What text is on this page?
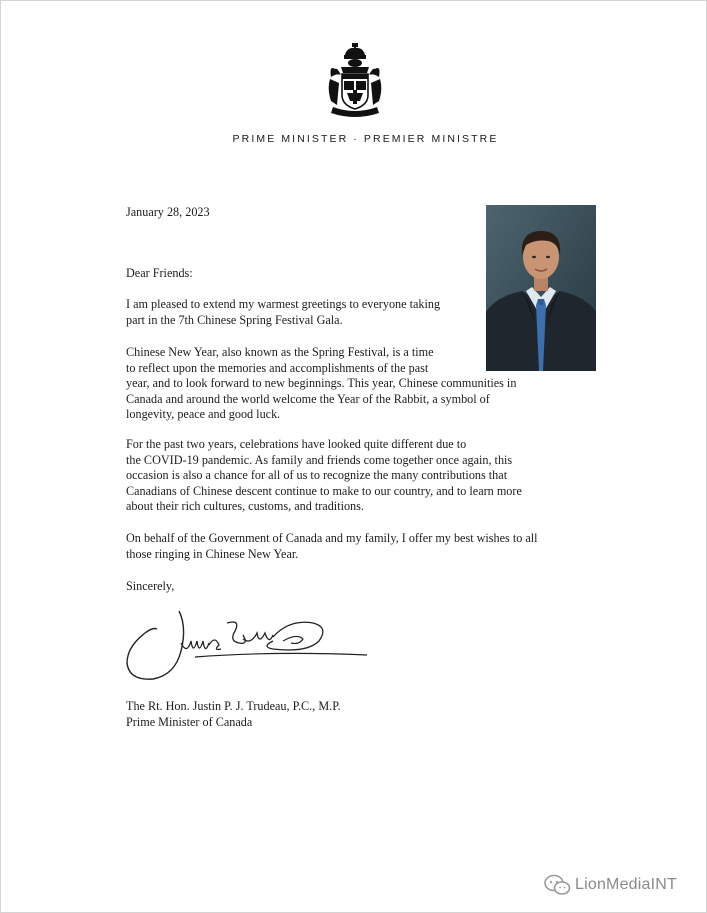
PRIME MINISTER · PREMIER MINISTRE
January 28, 2023
Dear Friends:
I am pleased to extend my warmest greetings to everyone taking
part in the 7th Chinese Spring Festival Gala.
Chinese New Year, also known as the Spring Festival, is a time
to reflect upon the memories and accomplishments of the past
year, and to look forward to new beginnings. This year, Chinese communities in
Canada and around the world welcome the Year of the Rabbit, a symbol of
longevity, peace and good luck.
For the past two years, celebrations have looked quite different due to
the COVID-19 pandemic. As family and friends come together once again, this
occasion is also a chance for all of us to recognize the many contributions that
Canadians of Chinese descent continue to make to our country, and to learn more
about their rich cultures, customs, and traditions.
On behalf of the Government of Canada and my family, I offer my best wishes to all
those ringing in Chinese New Year.
Sincerely,
The Rt. Hon. Justin P. J. Trudeau, P.C., M.P.
Prime Minister of Canada
LionMediaINT
